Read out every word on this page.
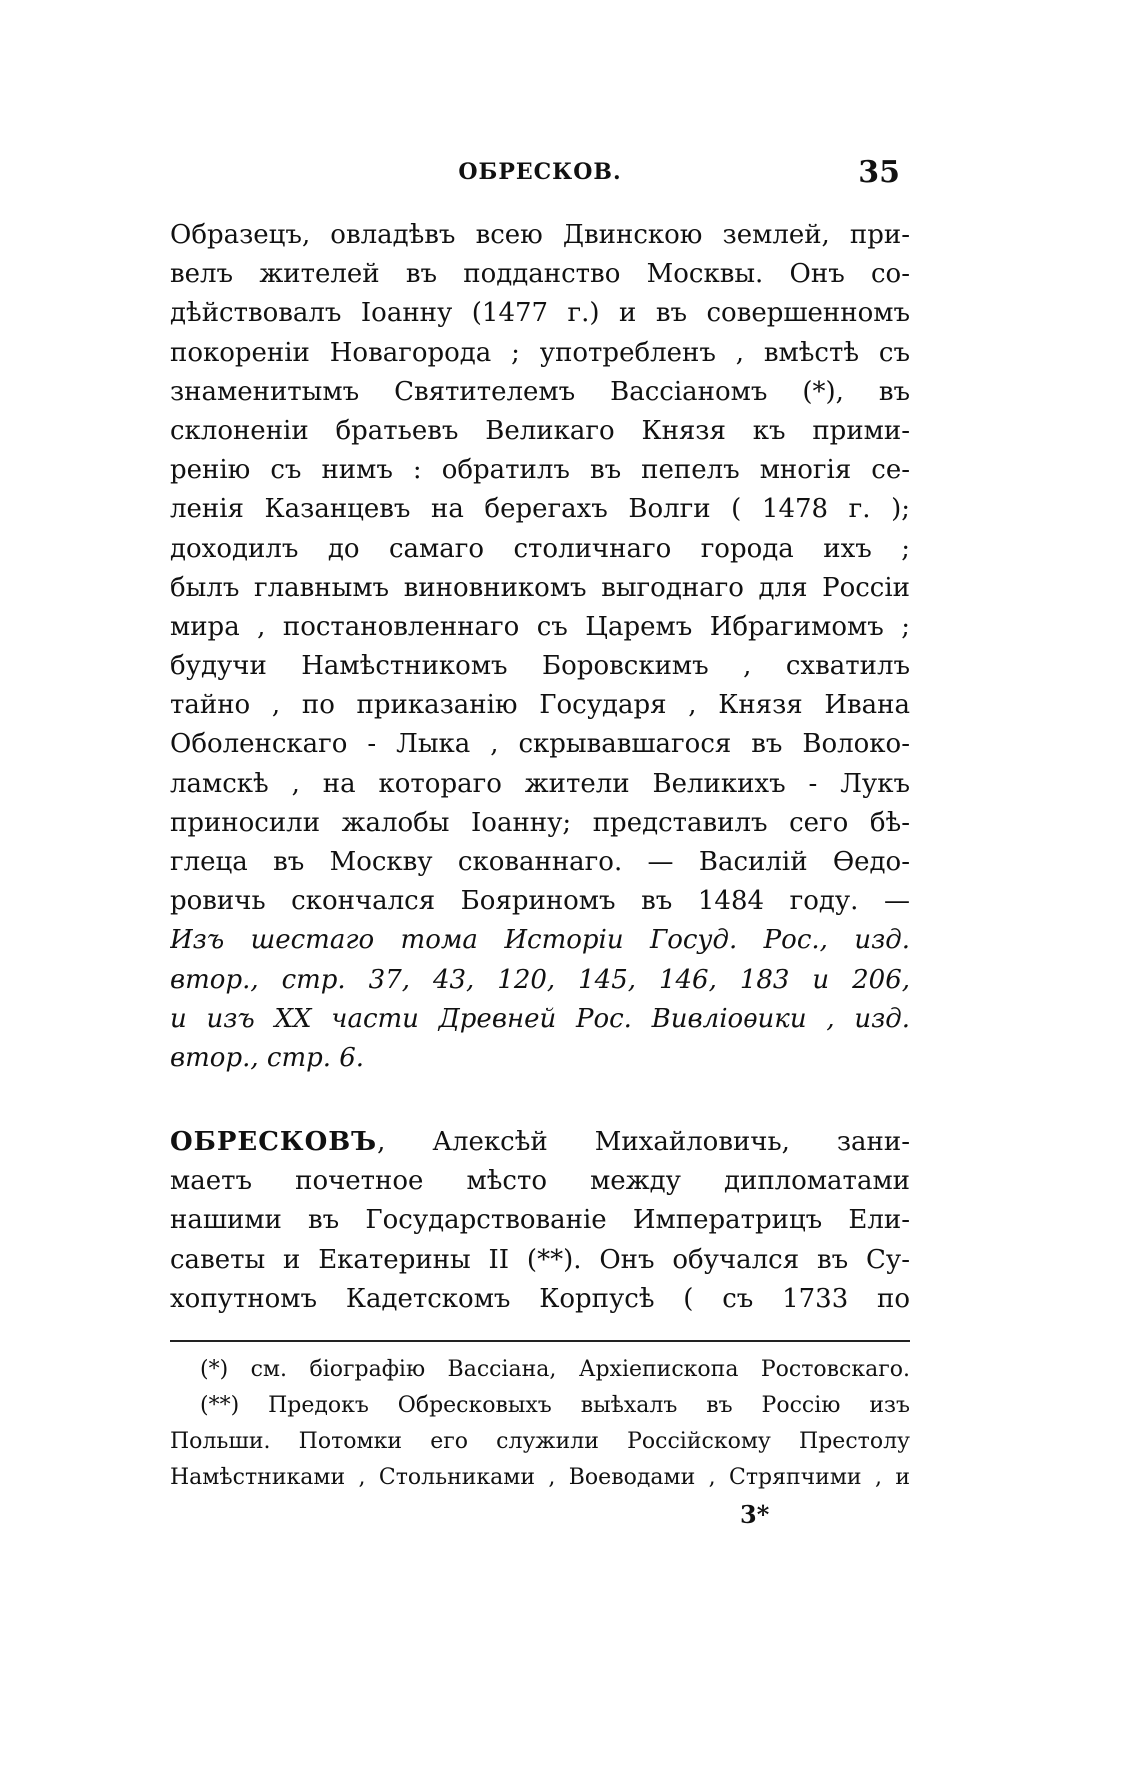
ОБРЕСКОВ.	35
Образецъ, овладѣвъ всею Двинскою землей, при-
велъ жителей въ подданство Москвы. Онъ со-
дѣйствовалъ Іоанну (1477 г.) и въ совершенномъ
покореніи Новагорода ; употребленъ , вмѣстѣ съ
знаменитымъ Святителемъ Вассіаномъ (*), въ
склоненіи братьевъ Великаго Князя къ прими-
ренію съ нимъ : обратилъ въ пепелъ многія се-
ленія Казанцевъ на берегахъ Волги ( 1478 г. );
доходилъ до самаго столичнаго города ихъ ;
былъ главнымъ виновникомъ выгоднаго для Россіи
мира , постановленнаго съ Царемъ Ибрагимомъ ;
будучи Намѣстникомъ Боровскимъ , схватилъ
тайно , по приказанію Государя , Князя Ивана
Оболенскаго - Лыка , скрывавшагося въ Волоко-
ламскѣ , на котораго жители Великихъ - Лукъ
приносили жалобы Іоанну; представилъ сего бѣ-
глеца въ Москву скованнаго. — Василій Ѳедо-
ровичь скончался Бояриномъ въ 1484 году. —
Изъ шестаго тома Исторіи Госуд. Рос., изд.
втор., стр. 37, 43, 120, 145, 146, 183 и 206,
и изъ XX части Древней Рос. Вивліоѳики , изд.
втор., стр. 6.
ОБРЕСКОВЪ, Алексѣй Михайловичь, зани-
маетъ почетное мѣсто между дипломатами
нашими въ Государствованіе Императрицъ Ели-
саветы и Екатерины II (**). Онъ обучался въ Су-
хопутномъ Кадетскомъ Корпусѣ ( съ 1733 по
(*) см. біографію Вассіана, Архіепископа Ростовскаго.
(**) Предокъ Обресковыхъ выѣхалъ въ Россію изъ
Польши. Потомки его служили Россійскому Престолу
Намѣстниками , Стольниками , Воеводами , Стряпчими , и
3*
